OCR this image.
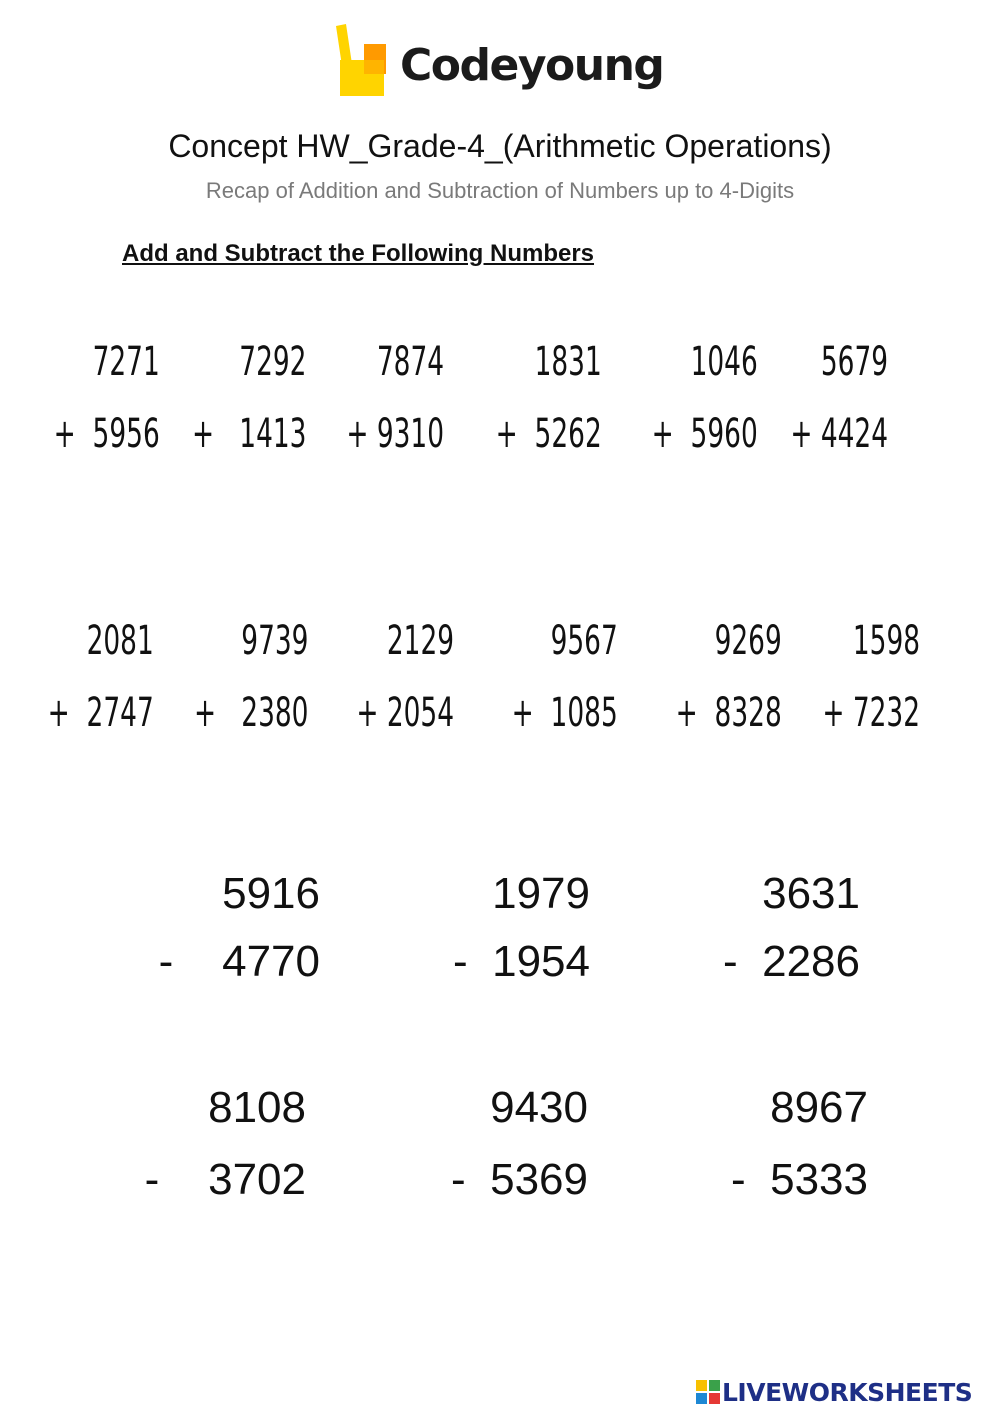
Codeyoung
Concept HW_Grade-4_(Arithmetic Operations)
Recap of Addition and Subtraction of Numbers up to 4-Digits
Add and Subtract the Following Numbers
7271
+  5956
7292
+   1413
7874
+ 9310
1831
+  5262
1046
+  5960
5679
+ 4424
2081
+  2747
9739
+   2380
2129
+ 2054
9567
+  1085
9269
+  8328
1598
+ 7232
5916
-    4770
1979
-  1954
3631
-  2286
8108
-    3702
9430
-  5369
8967
-  5333
LIVEWORKSHEETS
